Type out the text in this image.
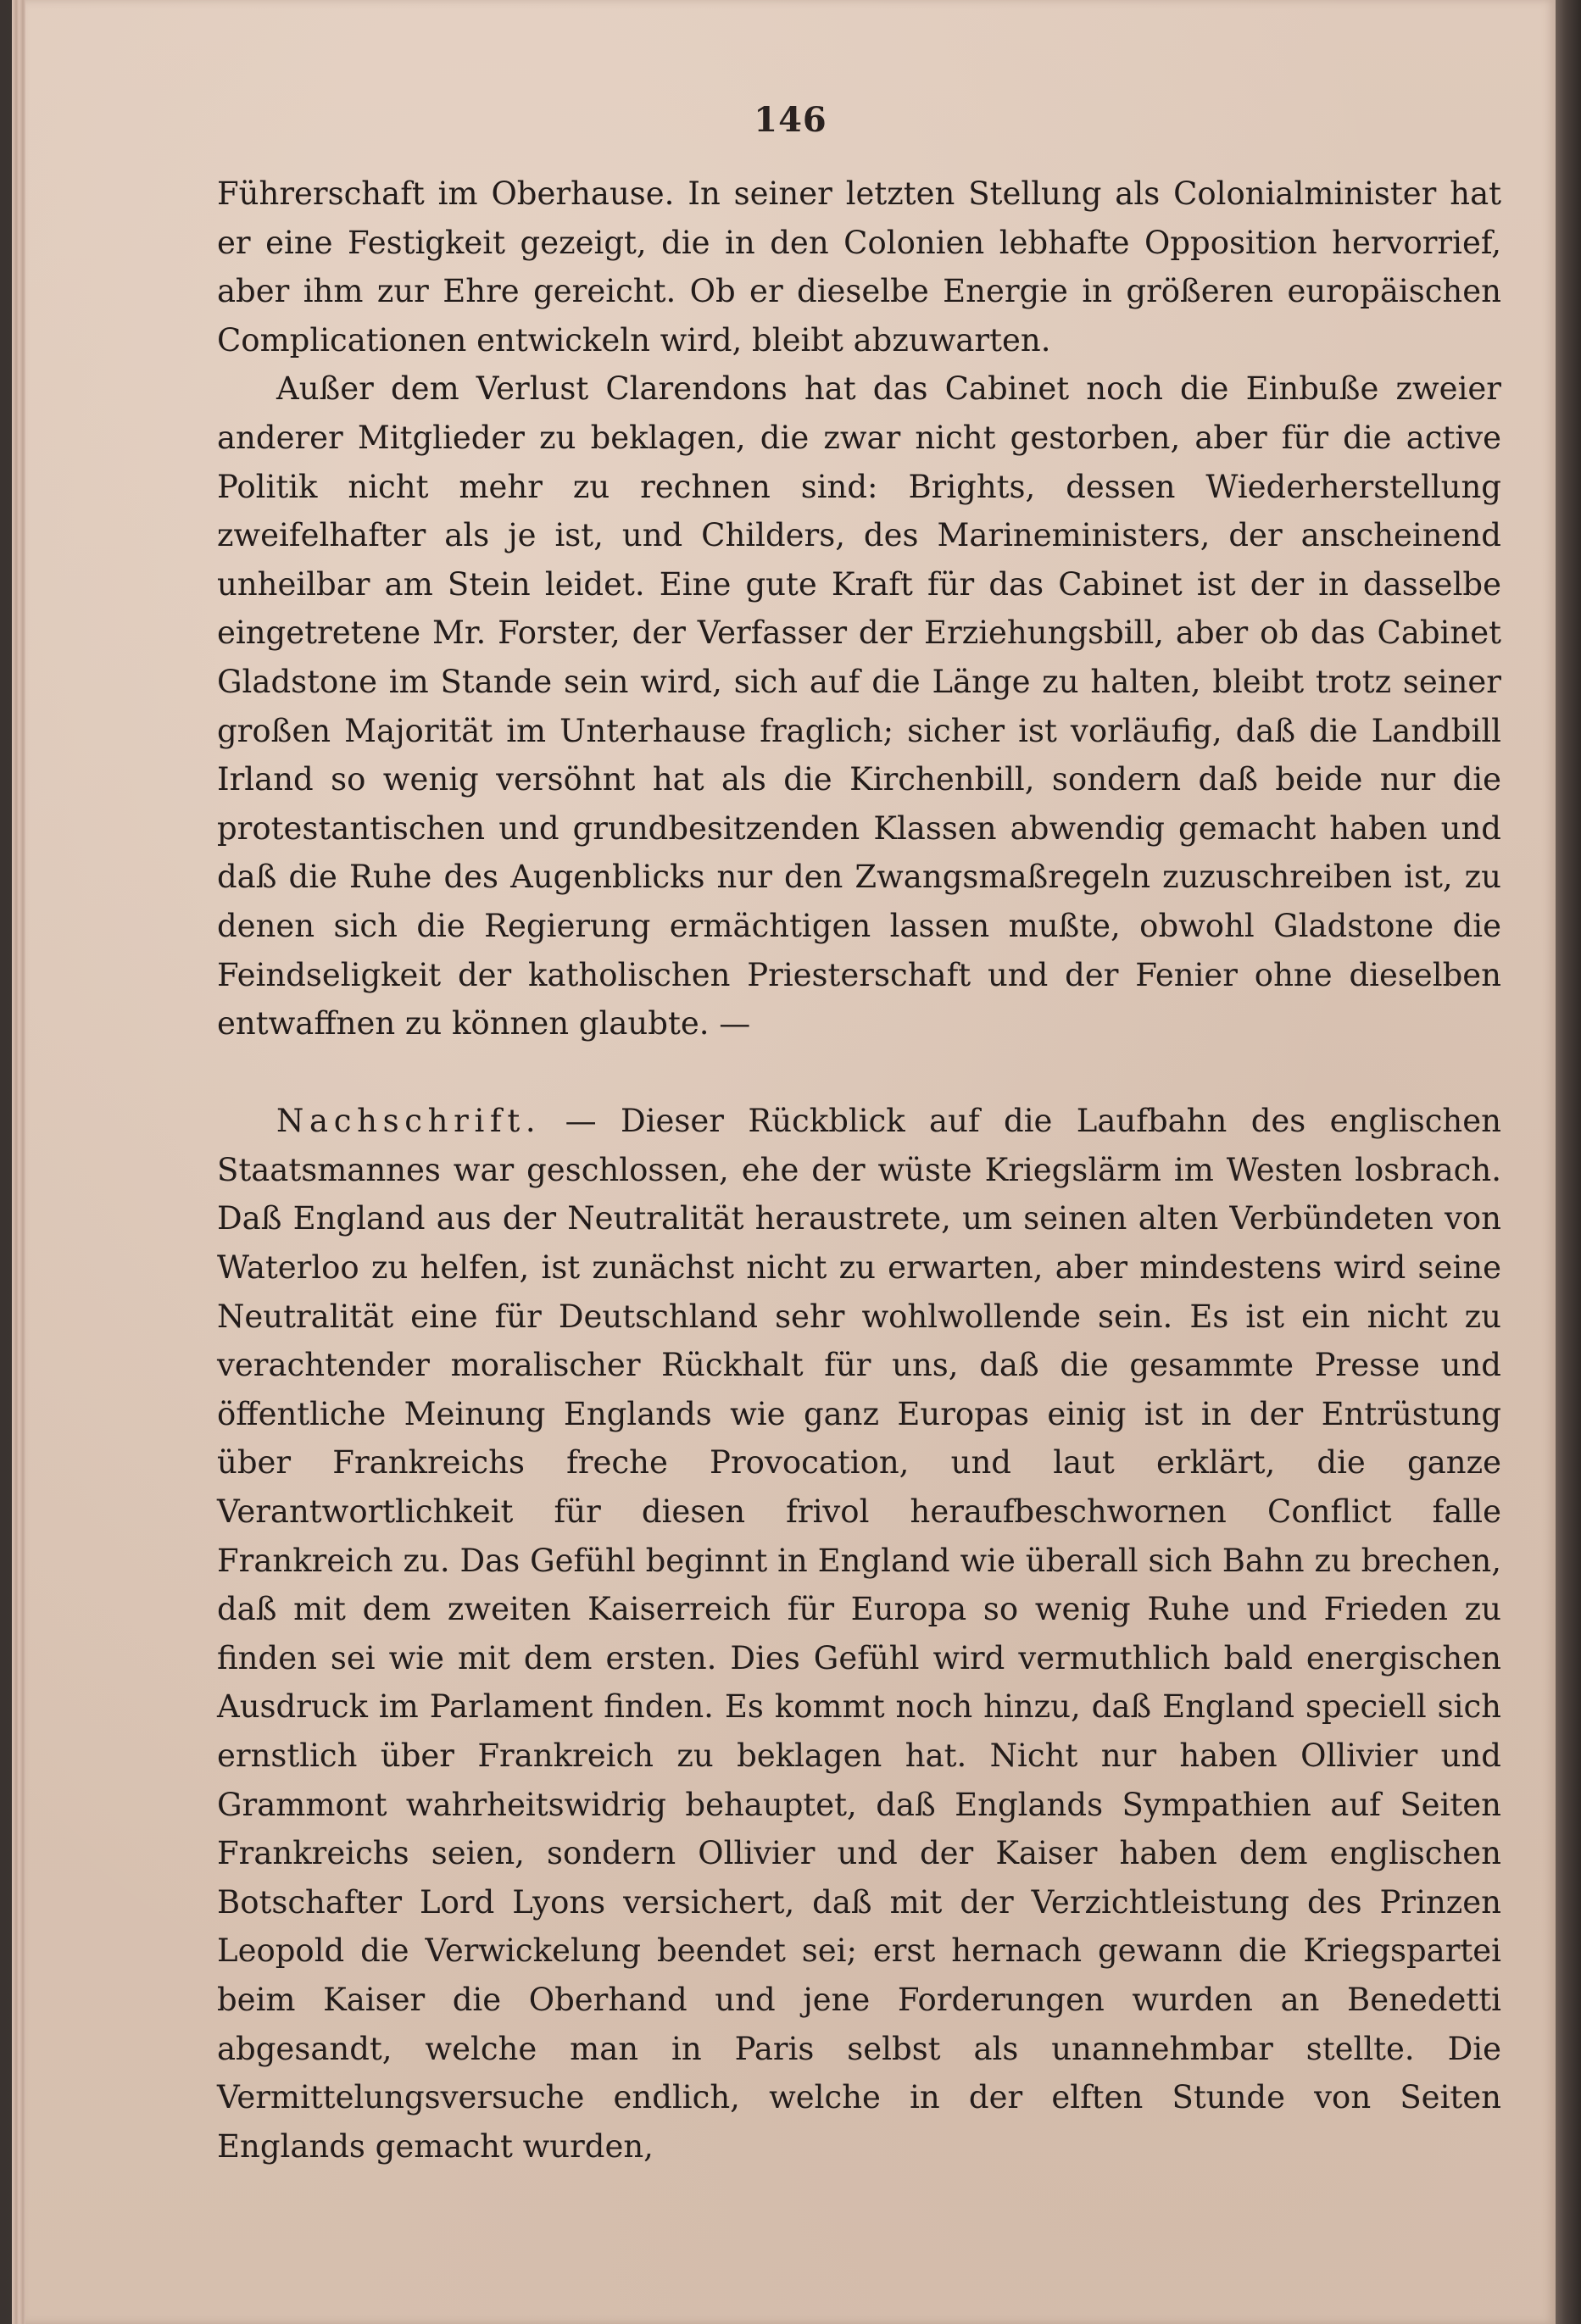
146

Führerschaft im Oberhause. In seiner letzten Stellung als Colonialminister hat er eine Festigkeit gezeigt, die in den Colonien lebhafte Opposition hervorrief, aber ihm zur Ehre gereicht. Ob er dieselbe Energie in größeren europäischen Complicationen entwickeln wird, bleibt abzuwarten.

Außer dem Verlust Clarendons hat das Cabinet noch die Einbuße zweier anderer Mitglieder zu beklagen, die zwar nicht gestorben, aber für die active Politik nicht mehr zu rechnen sind: Brights, dessen Wiederherstellung zweifelhafter als je ist, und Childers, des Marineministers, der anscheinend unheilbar am Stein leidet. Eine gute Kraft für das Cabinet ist der in dasselbe eingetretene Mr. Forster, der Verfasser der Erziehungsbill, aber ob das Cabinet Gladstone im Stande sein wird, sich auf die Länge zu halten, bleibt trotz seiner großen Majorität im Unterhause fraglich; sicher ist vorläufig, daß die Landbill Irland so wenig versöhnt hat als die Kirchenbill, sondern daß beide nur die protestantischen und grundbesitzenden Klassen abwendig gemacht haben und daß die Ruhe des Augenblicks nur den Zwangsmaßregeln zuzuschreiben ist, zu denen sich die Regierung ermächtigen lassen mußte, obwohl Gladstone die Feindseligkeit der katholischen Priesterschaft und der Fenier ohne dieselben entwaffnen zu können glaubte. —

Nachschrift. — Dieser Rückblick auf die Laufbahn des englischen Staatsmannes war geschlossen, ehe der wüste Kriegslärm im Westen losbrach. Daß England aus der Neutralität heraustrete, um seinen alten Verbündeten von Waterloo zu helfen, ist zunächst nicht zu erwarten, aber mindestens wird seine Neutralität eine für Deutschland sehr wohlwollende sein. Es ist ein nicht zu verachtender moralischer Rückhalt für uns, daß die gesammte Presse und öffentliche Meinung Englands wie ganz Europas einig ist in der Entrüstung über Frankreichs freche Provocation, und laut erklärt, die ganze Verantwortlichkeit für diesen frivol heraufbeschwornen Conflict falle Frankreich zu. Das Gefühl beginnt in England wie überall sich Bahn zu brechen, daß mit dem zweiten Kaiserreich für Europa so wenig Ruhe und Frieden zu finden sei wie mit dem ersten. Dies Gefühl wird vermuthlich bald energischen Ausdruck im Parlament finden. Es kommt noch hinzu, daß England speciell sich ernstlich über Frankreich zu beklagen hat. Nicht nur haben Ollivier und Grammont wahrheitswidrig behauptet, daß Englands Sympathien auf Seiten Frankreichs seien, sondern Ollivier und der Kaiser haben dem englischen Botschafter Lord Lyons versichert, daß mit der Verzichtleistung des Prinzen Leopold die Verwickelung beendet sei; erst hernach gewann die Kriegspartei beim Kaiser die Oberhand und jene Forderungen wurden an Benedetti abgesandt, welche man in Paris selbst als unannehmbar stellte. Die Vermittelungsversuche endlich, welche in der elften Stunde von Seiten Englands gemacht wurden,
